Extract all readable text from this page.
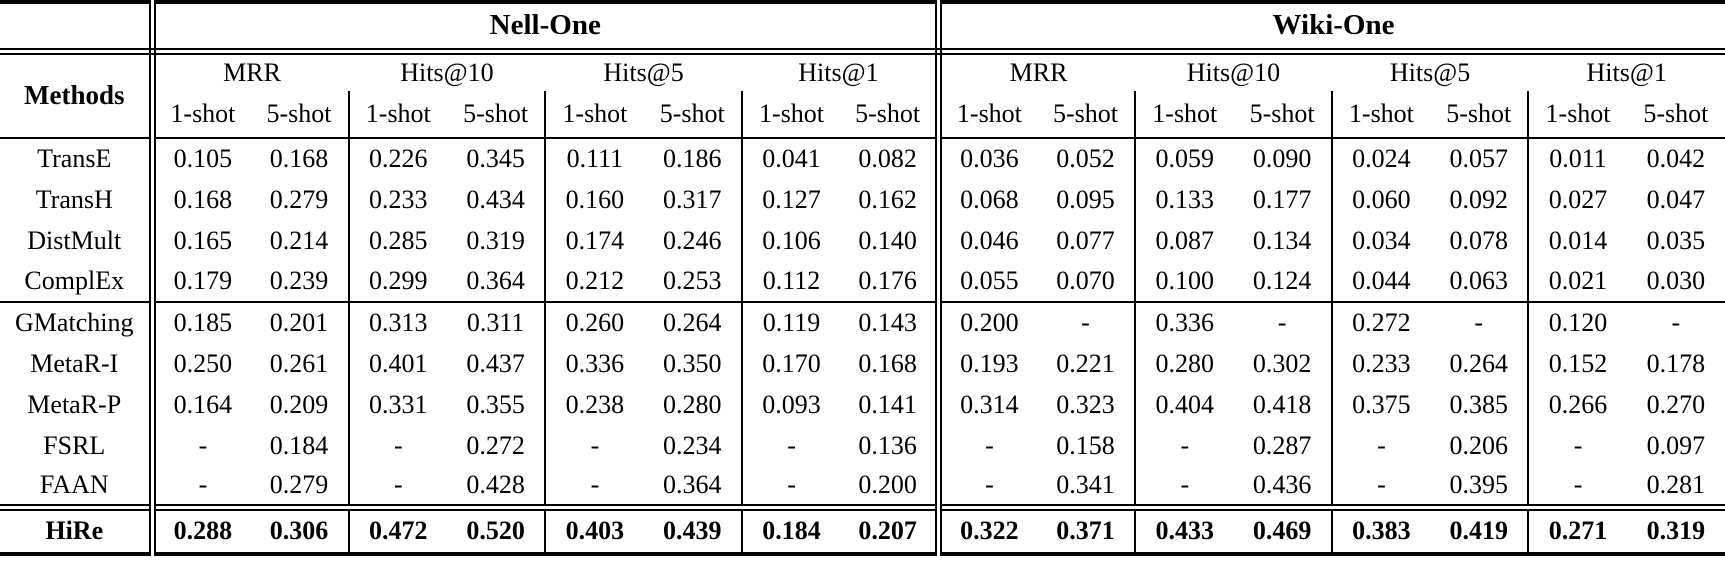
	Nell-One								Wiki-One							
Methods	MRR		Hits@10		Hits@5		Hits@1		MRR		Hits@10		Hits@5		Hits@1	
	1-shot	5-shot	1-shot	5-shot	1-shot	5-shot	1-shot	5-shot	1-shot	5-shot	1-shot	5-shot	1-shot	5-shot	1-shot	5-shot
TransE	0.105	0.168	0.226	0.345	0.111	0.186	0.041	0.082	0.036	0.052	0.059	0.090	0.024	0.057	0.011	0.042
TransH	0.168	0.279	0.233	0.434	0.160	0.317	0.127	0.162	0.068	0.095	0.133	0.177	0.060	0.092	0.027	0.047
DistMult	0.165	0.214	0.285	0.319	0.174	0.246	0.106	0.140	0.046	0.077	0.087	0.134	0.034	0.078	0.014	0.035
ComplEx	0.179	0.239	0.299	0.364	0.212	0.253	0.112	0.176	0.055	0.070	0.100	0.124	0.044	0.063	0.021	0.030
GMatching	0.185	0.201	0.313	0.311	0.260	0.264	0.119	0.143	0.200	-	0.336	-	0.272	-	0.120	-
MetaR-I	0.250	0.261	0.401	0.437	0.336	0.350	0.170	0.168	0.193	0.221	0.280	0.302	0.233	0.264	0.152	0.178
MetaR-P	0.164	0.209	0.331	0.355	0.238	0.280	0.093	0.141	0.314	0.323	0.404	0.418	0.375	0.385	0.266	0.270
FSRL	-	0.184	-	0.272	-	0.234	-	0.136	-	0.158	-	0.287	-	0.206	-	0.097
FAAN	-	0.279	-	0.428	-	0.364	-	0.200	-	0.341	-	0.436	-	0.395	-	0.281
HiRe	0.288	0.306	0.472	0.520	0.403	0.439	0.184	0.207	0.322	0.371	0.433	0.469	0.383	0.419	0.271	0.319
